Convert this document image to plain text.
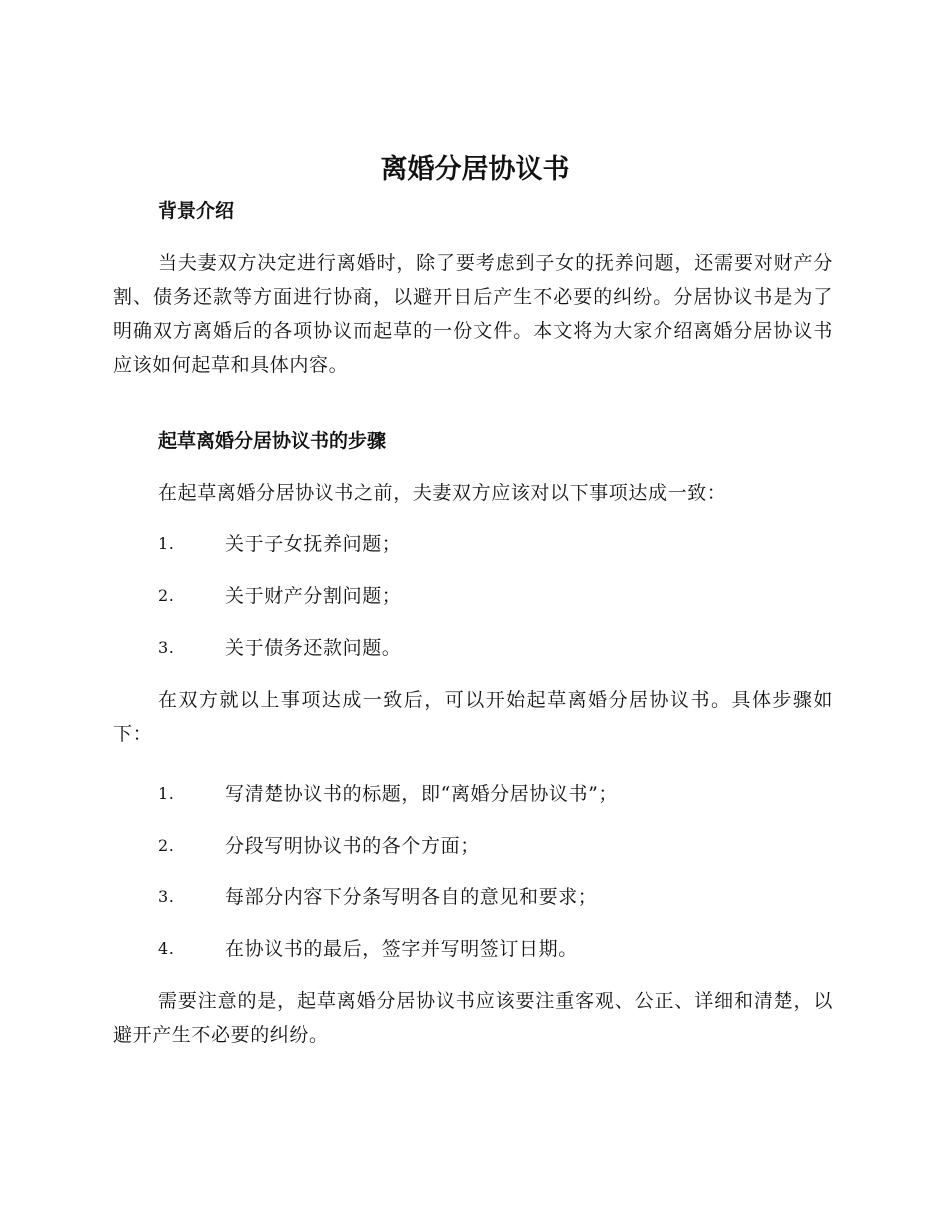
离婚分居协议书
背景介绍

当夫妻双方决定进行离婚时，除了要考虑到子女的抚养问题，还需要对财产分割、债务还款等方面进行协商，以避开日后产生不必要的纠纷。分居协议书是为了明确双方离婚后的各项协议而起草的一份文件。本文将为大家介绍离婚分居协议书应该如何起草和具体内容。

起草离婚分居协议书的步骤

在起草离婚分居协议书之前，夫妻双方应该对以下事项达成一致：

1.	关于子女抚养问题；
2.	关于财产分割问题；
3.	关于债务还款问题。

在双方就以上事项达成一致后，可以开始起草离婚分居协议书。具体步骤如下：

1.	写清楚协议书的标题，即“离婚分居协议书”；
2.	分段写明协议书的各个方面；
3.	每部分内容下分条写明各自的意见和要求；
4.	在协议书的最后，签字并写明签订日期。

需要注意的是，起草离婚分居协议书应该要注重客观、公正、详细和清楚，以避开产生不必要的纠纷。
